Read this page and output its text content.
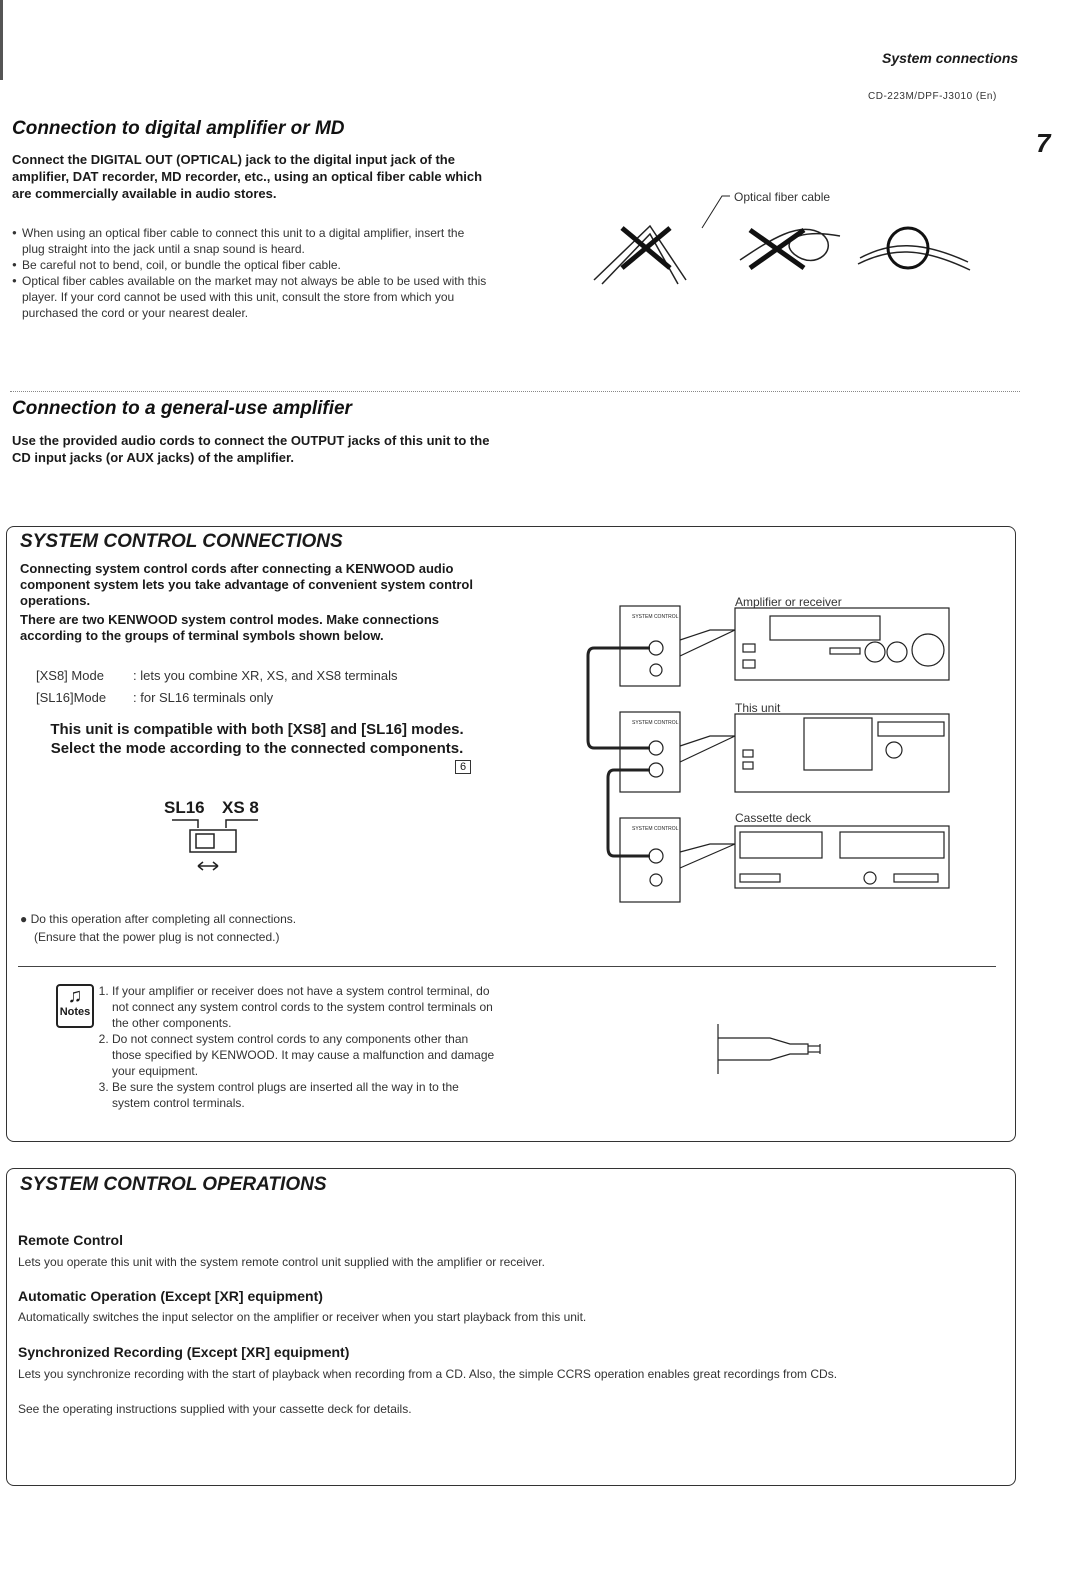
System connections
CD-223M/DPF-J3010 (En)
7
Connection to digital amplifier or MD
Connect the DIGITAL OUT (OPTICAL) jack to the digital input jack of the amplifier, DAT recorder, MD recorder, etc., using an optical fiber cable which are commercially available in audio stores.
● When using an optical fiber cable to connect this unit to a digital amplifier, insert the plug straight into the jack until a snap sound is heard.
● Be careful not to bend, coil, or bundle the optical fiber cable.
● Optical fiber cables available on the market may not always be able to be used with this player. If your cord cannot be used with this unit, consult the store from which you purchased the cord or your nearest dealer.
Optical fiber cable
Connection to a general-use amplifier
Use the provided audio cords to connect the OUTPUT jacks of this unit to the CD input jacks (or AUX jacks) of the amplifier.
SYSTEM CONTROL CONNECTIONS
Connecting system control cords after connecting a KENWOOD audio component system lets you take advantage of convenient system control operations.
There are two KENWOOD system control modes. Make connections according to the groups of terminal symbols shown below.
[XS8] Mode : lets you combine XR, XS, and XS8 terminals
[SL16]Mode : for SL16 terminals only
This unit is compatible with both [XS8] and [SL16] modes. Select the mode according to the connected components.
6
SL16 XS 8
● Do this operation after completing all connections.
(Ensure that the power plug is not connected.)
Amplifier or receiver
This unit
Cassette deck
SYSTEM CONTROL
SYSTEM CONTROL
SYSTEM CONTROL
♫
Notes
1. If your amplifier or receiver does not have a system control terminal, do not connect any system control cords to the system control terminals on the other components.
2. Do not connect system control cords to any components other than those specified by KENWOOD. It may cause a malfunction and damage your equipment.
3. Be sure the system control plugs are inserted all the way in to the system control terminals.
SYSTEM CONTROL OPERATIONS
Remote Control
Lets you operate this unit with the system remote control unit supplied with the amplifier or receiver.
Automatic Operation (Except [XR] equipment)
Automatically switches the input selector on the amplifier or receiver when you start playback from this unit.
Synchronized Recording (Except [XR] equipment)
Lets you synchronize recording with the start of playback when recording from a CD. Also, the simple CCRS operation enables great recordings from CDs.
See the operating instructions supplied with your cassette deck for details.
